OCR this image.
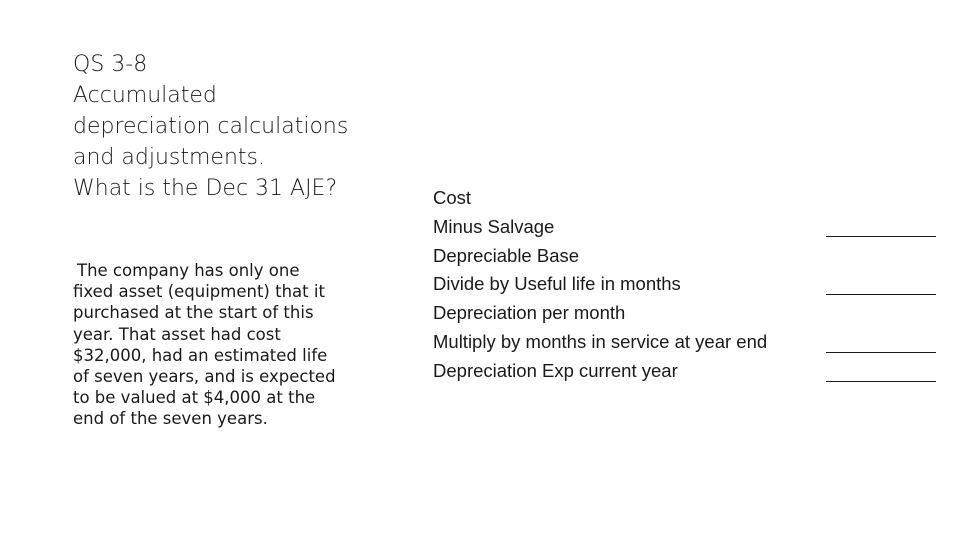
QS 3-8
Accumulated
depreciation calculations
and adjustments.
What is the Dec 31 AJE?
The company has only one
fixed asset (equipment) that it
purchased at the start of this
year. That asset had cost
$32,000, had an estimated life
of seven years, and is expected
to be valued at $4,000 at the
end of the seven years.
Cost
Minus Salvage
Depreciable Base
Divide by Useful life in months
Depreciation per month
Multiply by months in service at year end
Depreciation Exp current year
